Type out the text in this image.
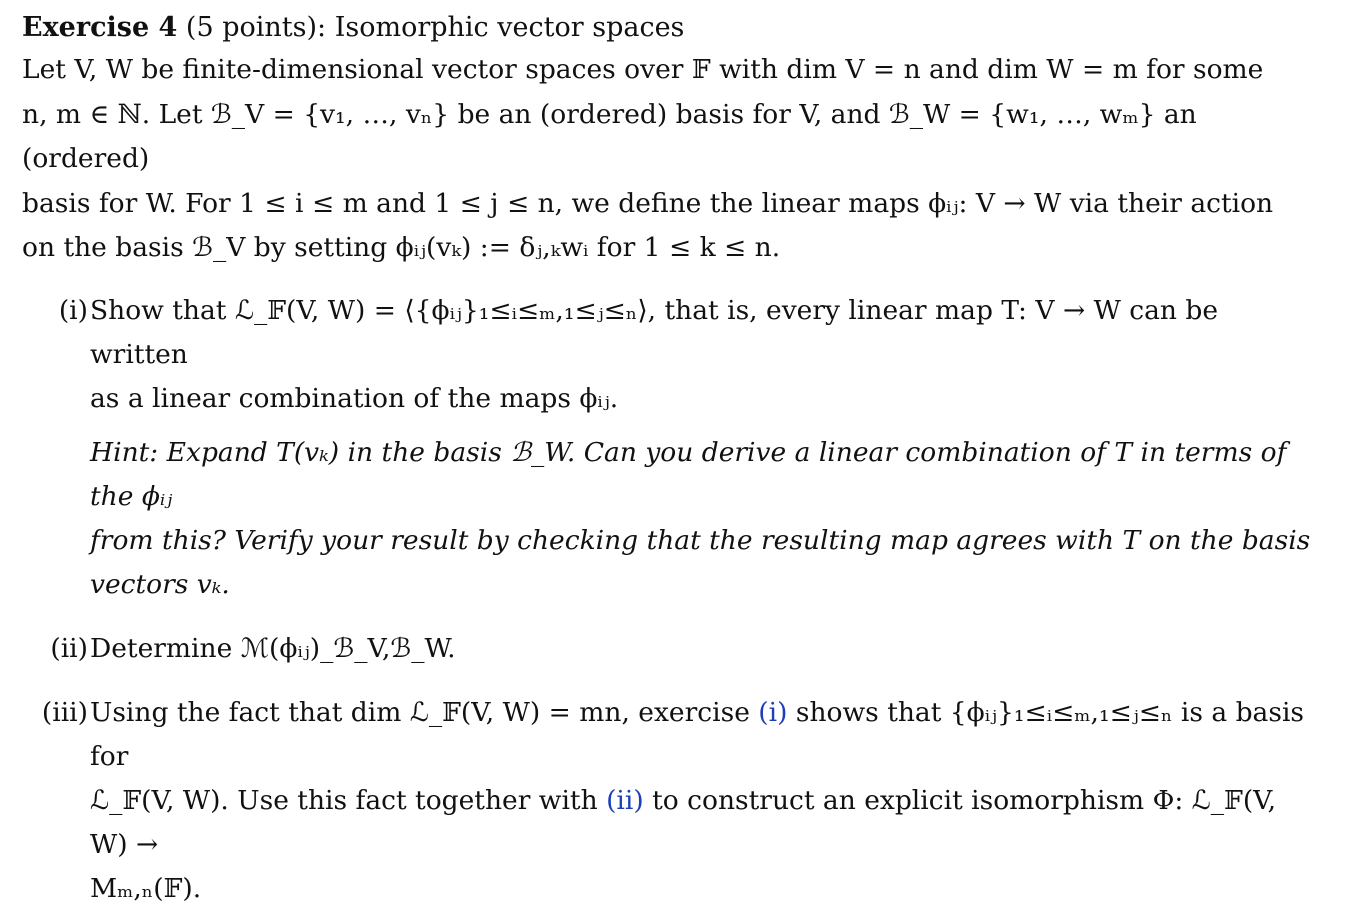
Exercise 4 (5 points): Isomorphic vector spaces

Let V, W be finite-dimensional vector spaces over 𝔽 with dim V = n and dim W = m for some

n, m ∈ ℕ. Let ℬ_V = {v₁, …, vₙ} be an (ordered) basis for V, and ℬ_W = {w₁, …, wₘ} an (ordered)

basis for W. For 1 ≤ i ≤ m and 1 ≤ j ≤ n, we define the linear maps ϕᵢⱼ: V → W via their action

on the basis ℬ_V by setting ϕᵢⱼ(vₖ) := δⱼ,ₖwᵢ for 1 ≤ k ≤ n.

(i) Show that ℒ_𝔽(V, W) = ⟨{ϕᵢⱼ}₁≤ᵢ≤ₘ,₁≤ⱼ≤ₙ⟩, that is, every linear map T: V → W can be written
as a linear combination of the maps ϕᵢⱼ.
Hint: Expand T(vₖ) in the basis ℬ_W. Can you derive a linear combination of T in terms of the ϕᵢⱼ
from this? Verify your result by checking that the resulting map agrees with T on the basis vectors vₖ.
(ii) Determine ℳ(ϕᵢⱼ)_ℬ_V,ℬ_W.
(iii) Using the fact that dim ℒ_𝔽(V, W) = mn, exercise (i) shows that {ϕᵢⱼ}₁≤ᵢ≤ₘ,₁≤ⱼ≤ₙ is a basis for
ℒ_𝔽(V, W). Use this fact together with (ii) to construct an explicit isomorphism Φ: ℒ_𝔽(V, W) →
Mₘ,ₙ(𝔽).
